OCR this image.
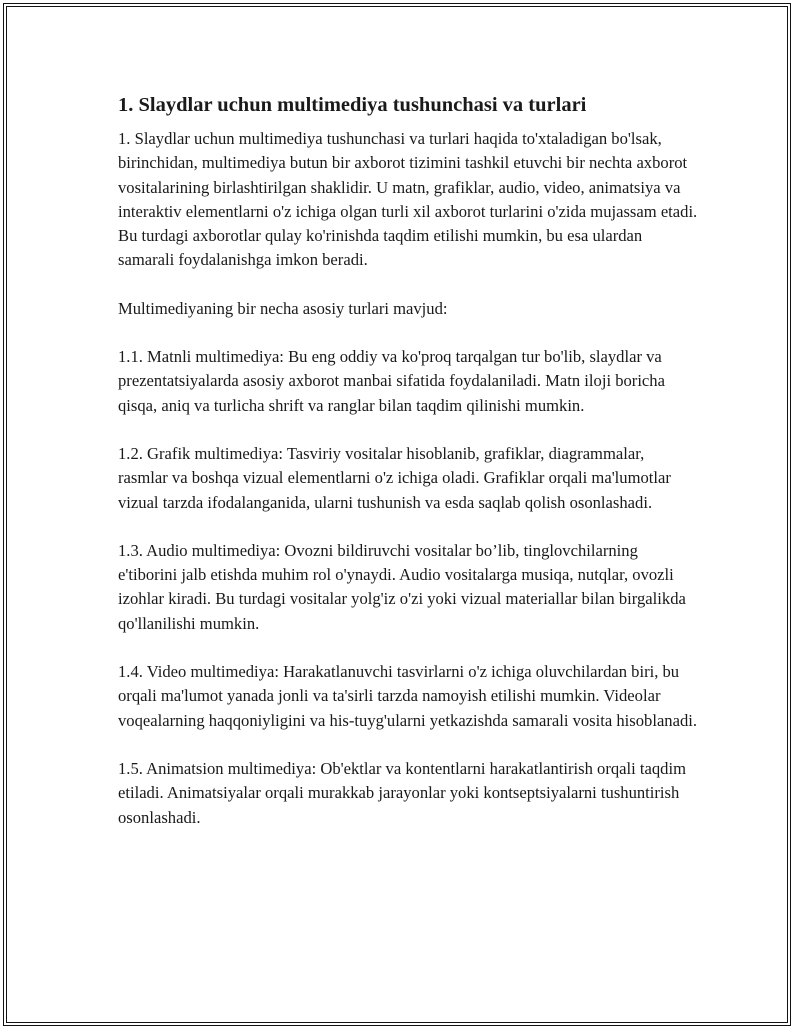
1. Slaydlar uchun multimediya tushunchasi va turlari

1. Slaydlar uchun multimediya tushunchasi va turlari haqida to'xtaladigan bo'lsak, birinchidan, multimediya butun bir axborot tizimini tashkil etuvchi bir nechta axborot vositalarining birlashtirilgan shaklidir. U matn, grafiklar, audio, video, animatsiya va interaktiv elementlarni o'z ichiga olgan turli xil axborot turlarini o'zida mujassam etadi. Bu turdagi axborotlar qulay ko'rinishda taqdim etilishi mumkin, bu esa ulardan samarali foydalanishga imkon beradi.

Multimediyaning bir necha asosiy turlari mavjud:

1.1. Matnli multimediya: Bu eng oddiy va ko'proq tarqalgan tur bo'lib, slaydlar va prezentatsiyalarda asosiy axborot manbai sifatida foydalaniladi. Matn iloji boricha qisqa, aniq va turlicha shrift va ranglar bilan taqdim qilinishi mumkin.

1.2. Grafik multimediya: Tasviriy vositalar hisoblanib, grafiklar, diagrammalar, rasmlar va boshqa vizual elementlarni o'z ichiga oladi. Grafiklar orqali ma'lumotlar vizual tarzda ifodalanganida, ularni tushunish va esda saqlab qolish osonlashadi.

1.3. Audio multimediya: Ovozni bildiruvchi vositalar bo’lib, tinglovchilarning e'tiborini jalb etishda muhim rol o'ynaydi. Audio vositalarga musiqa, nutqlar, ovozli izohlar kiradi. Bu turdagi vositalar yolg'iz o'zi yoki vizual materiallar bilan birgalikda qo'llanilishi mumkin.

1.4. Video multimediya: Harakatlanuvchi tasvirlarni o'z ichiga oluvchilardan biri, bu orqali ma'lumot yanada jonli va ta'sirli tarzda namoyish etilishi mumkin. Videolar voqealarning haqqoniyligini va his-tuyg'ularni yetkazishda samarali vosita hisoblanadi.

1.5. Animatsion multimediya: Ob'ektlar va kontentlarni harakatlantirish orqali taqdim etiladi. Animatsiyalar orqali murakkab jarayonlar yoki kontseptsiyalarni tushuntirish osonlashadi.
